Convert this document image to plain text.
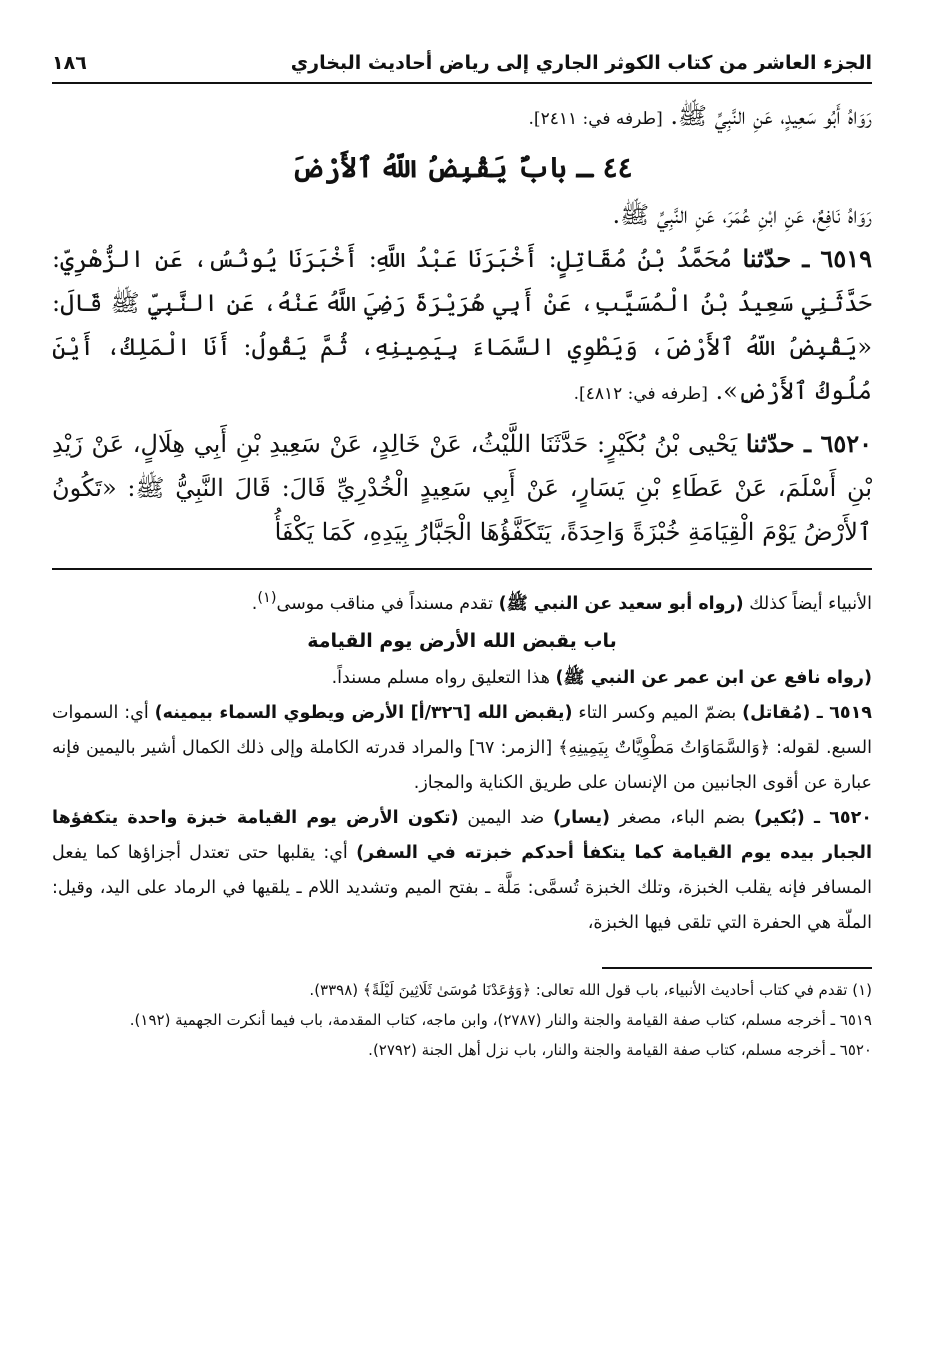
الجزء العاشر من كتاب الكوثر الجاري إلى رياض أحاديث البخاري
١٨٦

رَوَاهُ أَبُو سَعِيدٍ، عَنِ النَّبِيِّ ﷺ. [طرفه في: ٢٤١١].

٤٤ ـ بابٌ يَقْبِضُ اللّهُ ٱلأَرْضَ

رَوَاهُ نَافِعٌ، عَنِ ابْنِ عُمَرَ، عَنِ النَّبِيِّ ﷺ.

٦٥١٩ ـ حدّثنا مُحَمَّدُ بْنُ مُقَاتِلٍ: أَخْبَرَنَا عَبْدُ اللَّهِ: أَخْبَرَنَا يُونُسُ، عَنِ الزُّهْرِيِّ: حَدَّثَنِي سَعِيدُ بْنُ الْمُسَيَّبِ، عَنْ أَبِي هُرَيْرَةَ رَضِيَ اللَّهُ عَنْهُ، عَنِ النَّبِيِّ ﷺ قَالَ: «يَقْبِضُ اللّهُ ٱلأَرْضَ، وَيَطْوِي السَّمَاءَ بِيَمِينِهِ، ثُمَّ يَقُولُ: أَنَا الْمَلِكُ، أَيْنَ مُلُوكُ ٱلأَرْضِ». [طرفه في: ٤٨١٢].

٦٥٢٠ ـ حدّثنا يَحْيى بْنُ بُكَيْرٍ: حَدَّثَنَا اللَّيْثُ، عَنْ خَالِدٍ، عَنْ سَعِيدِ بْنِ أَبِي هِلَالٍ، عَنْ زَيْدِ بْنِ أَسْلَمَ، عَنْ عَطَاءِ بْنِ يَسَارٍ، عَنْ أَبِي سَعِيدٍ الْخُدْرِيِّ قَالَ: قَالَ النَّبِيُّ ﷺ: «تَكُونُ ٱلأَرْضُ يَوْمَ الْقِيَامَةِ خُبْزَةً وَاحِدَةً، يَتَكَفَّؤُهَا الْجَبَّارُ بِيَدِهِ، كَمَا يَكْفَأُ

الأنبياء أيضاً كذلك (رواه أبو سعيد عن النبي ﷺ) تقدم مسنداً في مناقب موسى$^{(١)}$.

باب يقبض الله الأرض يوم القيامة

(رواه نافع عن ابن عمر عن النبي ﷺ) هذا التعليق رواه مسلم مسنداً.

٦٥١٩ ـ (مُقاتل) بضمّ الميم وكسر التاء (يقبض الله [٣٢٦/أ] الأرض ويطوي السماء بيمينه) أي: السموات السبع. لقوله: ﴿وَالسَّمَاوَاتُ مَطْوِيَّاتٌ بِيَمِينِهِ﴾ [الزمر: ٦٧] والمراد قدرته الكاملة وإلى ذلك الكمال أشير باليمين فإنه عبارة عن أقوى الجانبين من الإنسان على طريق الكناية والمجاز.

٦٥٢٠ ـ (بُكير) بضم الباء، مصغر (يسار) ضد اليمين (تكون الأرض يوم القيامة خبزة واحدة يتكفؤها الجبار بيده يوم القيامة كما يتكفأ أحدكم خبزته في السفر) أي: يقلبها حتى تعتدل أجزاؤها كما يفعل المسافر فإنه يقلب الخبزة، وتلك الخبزة تُسمَّى: مَلَّة ـ بفتح الميم وتشديد اللام ـ يلقيها في الرماد على اليد، وقيل: الملّة هي الحفرة التي تلقى فيها الخبزة،

(١) تقدم في كتاب أحاديث الأنبياء، باب قول الله تعالى: ﴿وَوَٰعَدْنَا مُوسَىٰ ثَلَاثِينَ لَيْلَةً﴾ (٣٣٩٨).

٦٥١٩ ـ أخرجه مسلم، كتاب صفة القيامة والجنة والنار (٢٧٨٧)، وابن ماجه، كتاب المقدمة، باب فيما أنكرت الجهمية (١٩٢).

٦٥٢٠ ـ أخرجه مسلم، كتاب صفة القيامة والجنة والنار، باب نزل أهل الجنة (٢٧٩٢).
